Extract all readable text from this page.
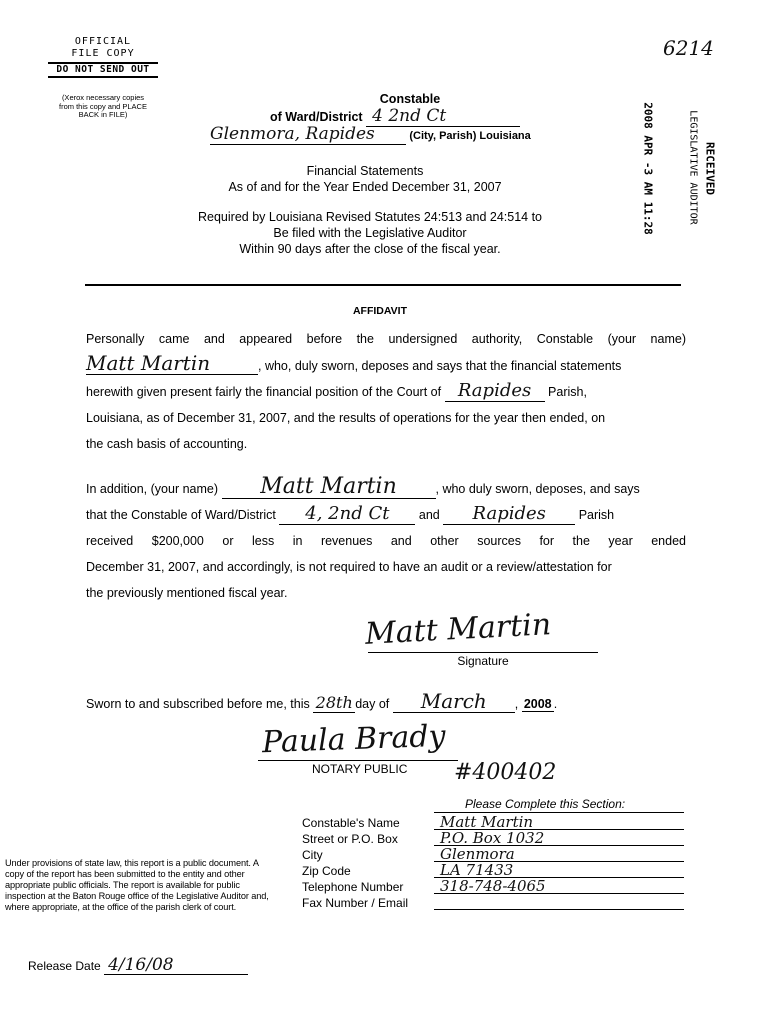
6214
OFFICIAL
FILE COPY
DO NOT SEND OUT
(Xerox necessary copies from this copy and PLACE BACK in FILE)
Constable
of Ward/District 4 2nd Ct
Glenmora, Rapides	(City, Parish) Louisiana
Financial Statements
As of and for the Year Ended December 31, 2007
Required by Louisiana Revised Statutes 24:513 and 24:514 to
Be filed with the Legislative Auditor
Within 90 days after the close of the fiscal year.
RECEIVED
LEGISLATIVE AUDITOR
2008 APR -3 AM 11:28
AFFIDAVIT
Personally came and appeared before the undersigned authority, Constable (your name)
Matt Martin	, who, duly sworn, deposes and says that the financial statements
herewith given present fairly the financial position of the Court of Rapides Parish,
Louisiana, as of December 31, 2007, and the results of operations for the year then ended, on
the cash basis of accounting.
In addition, (your name) Matt Martin	, who duly sworn, deposes, and says
that the Constable of Ward/District 4, 2nd Ct and Rapides	Parish
received $200,000 or less in revenues and other sources for the year ended
December 31, 2007, and accordingly, is not required to have an audit or a review/attestation for
the previously mentioned fiscal year.
Matt Martin
Signature
Sworn to and subscribed before me, this 28th day of March , 2008 .
Paula Brady
NOTARY PUBLIC #400402
Please Complete this Section:
Constable's Name	Matt Martin
Street or P.O. Box	P.O. Box 1032
City	Glenmora
Zip Code	LA 71433
Telephone Number	318-748-4065
Fax Number / Email
Under provisions of state law, this report is a public document. A copy of the report has been submitted to the entity and other appropriate public officials. The report is available for public inspection at the Baton Rouge office of the Legislative Auditor and, where appropriate, at the office of the parish clerk of court.
Release Date 4/16/08
